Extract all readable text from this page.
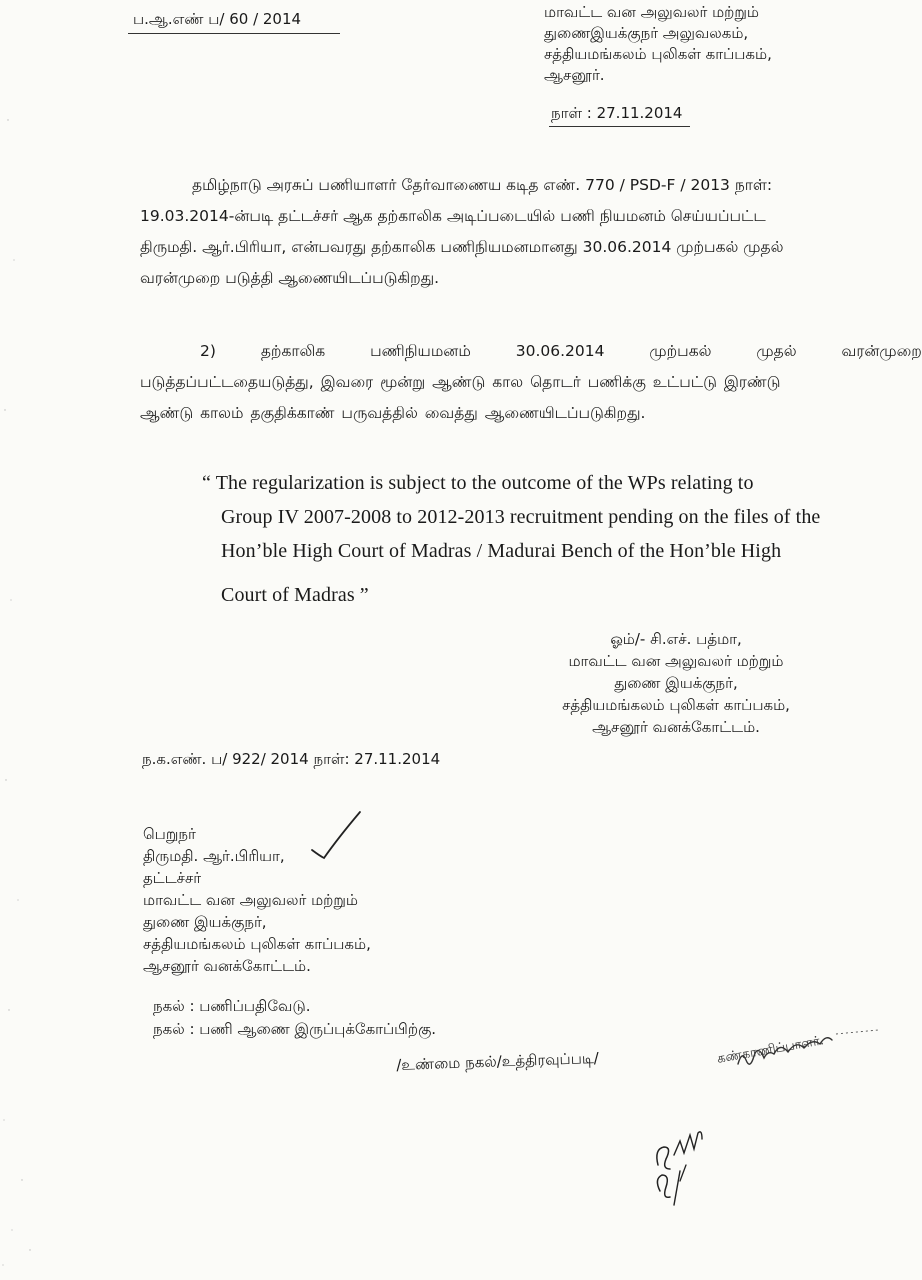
ப.ஆ.எண் ப/ 60 / 2014	மாவட்ட வன அலுவலர் மற்றும்
துணைஇயக்குநர் அலுவலகம்,
சத்தியமங்கலம் புலிகள் காப்பகம்,
ஆசனூர்.
நாள் : 27.11.2014
தமிழ்நாடு அரசுப் பணியாளர் தேர்வாணைய கடித எண். 770 / PSD-F / 2013 நாள்:
19.03.2014-ன்படி தட்டச்சர் ஆக தற்காலிக அடிப்படையில் பணி நியமனம் செய்யப்பட்ட
திருமதி. ஆர்.பிரியா, என்பவரது தற்காலிக பணிநியமனமானது 30.06.2014 முற்பகல் முதல்
வரன்முறை படுத்தி ஆணையிடப்படுகிறது.
2) தற்காலிக பணிநியமனம் 30.06.2014 முற்பகல் முதல் வரன்முறை
படுத்தப்பட்டதையடுத்து, இவரை மூன்று ஆண்டு கால தொடர் பணிக்கு உட்பட்டு இரண்டு
ஆண்டு காலம் தகுதிக்காண் பருவத்தில் வைத்து ஆணையிடப்படுகிறது.
“ The regularization is subject to the outcome of the WPs relating to
Group IV 2007-2008 to 2012-2013 recruitment pending on the files of the
Hon’ble High Court of Madras / Madurai Bench of the Hon’ble High
Court of Madras ”
ஓம்/- சி.எச். பத்மா,
மாவட்ட வன அலுவலர் மற்றும்
துணை இயக்குநர்,
சத்தியமங்கலம் புலிகள் காப்பகம்,
ஆசனூர் வனக்கோட்டம்.
ந.க.எண். ப/ 922/ 2014 நாள்: 27.11.2014
பெறுநர்
திருமதி. ஆர்.பிரியா,
தட்டச்சர்
மாவட்ட வன அலுவலர் மற்றும்
துணை இயக்குநர்,
சத்தியமங்கலம் புலிகள் காப்பகம்,
ஆசனூர் வனக்கோட்டம்.
நகல் : பணிப்பதிவேடு.
நகல் : பணி ஆணை இருப்புக்கோப்பிற்கு.
/உண்மை நகல்/உத்திரவுப்படி/	கண்காணிப்பாளர்.
